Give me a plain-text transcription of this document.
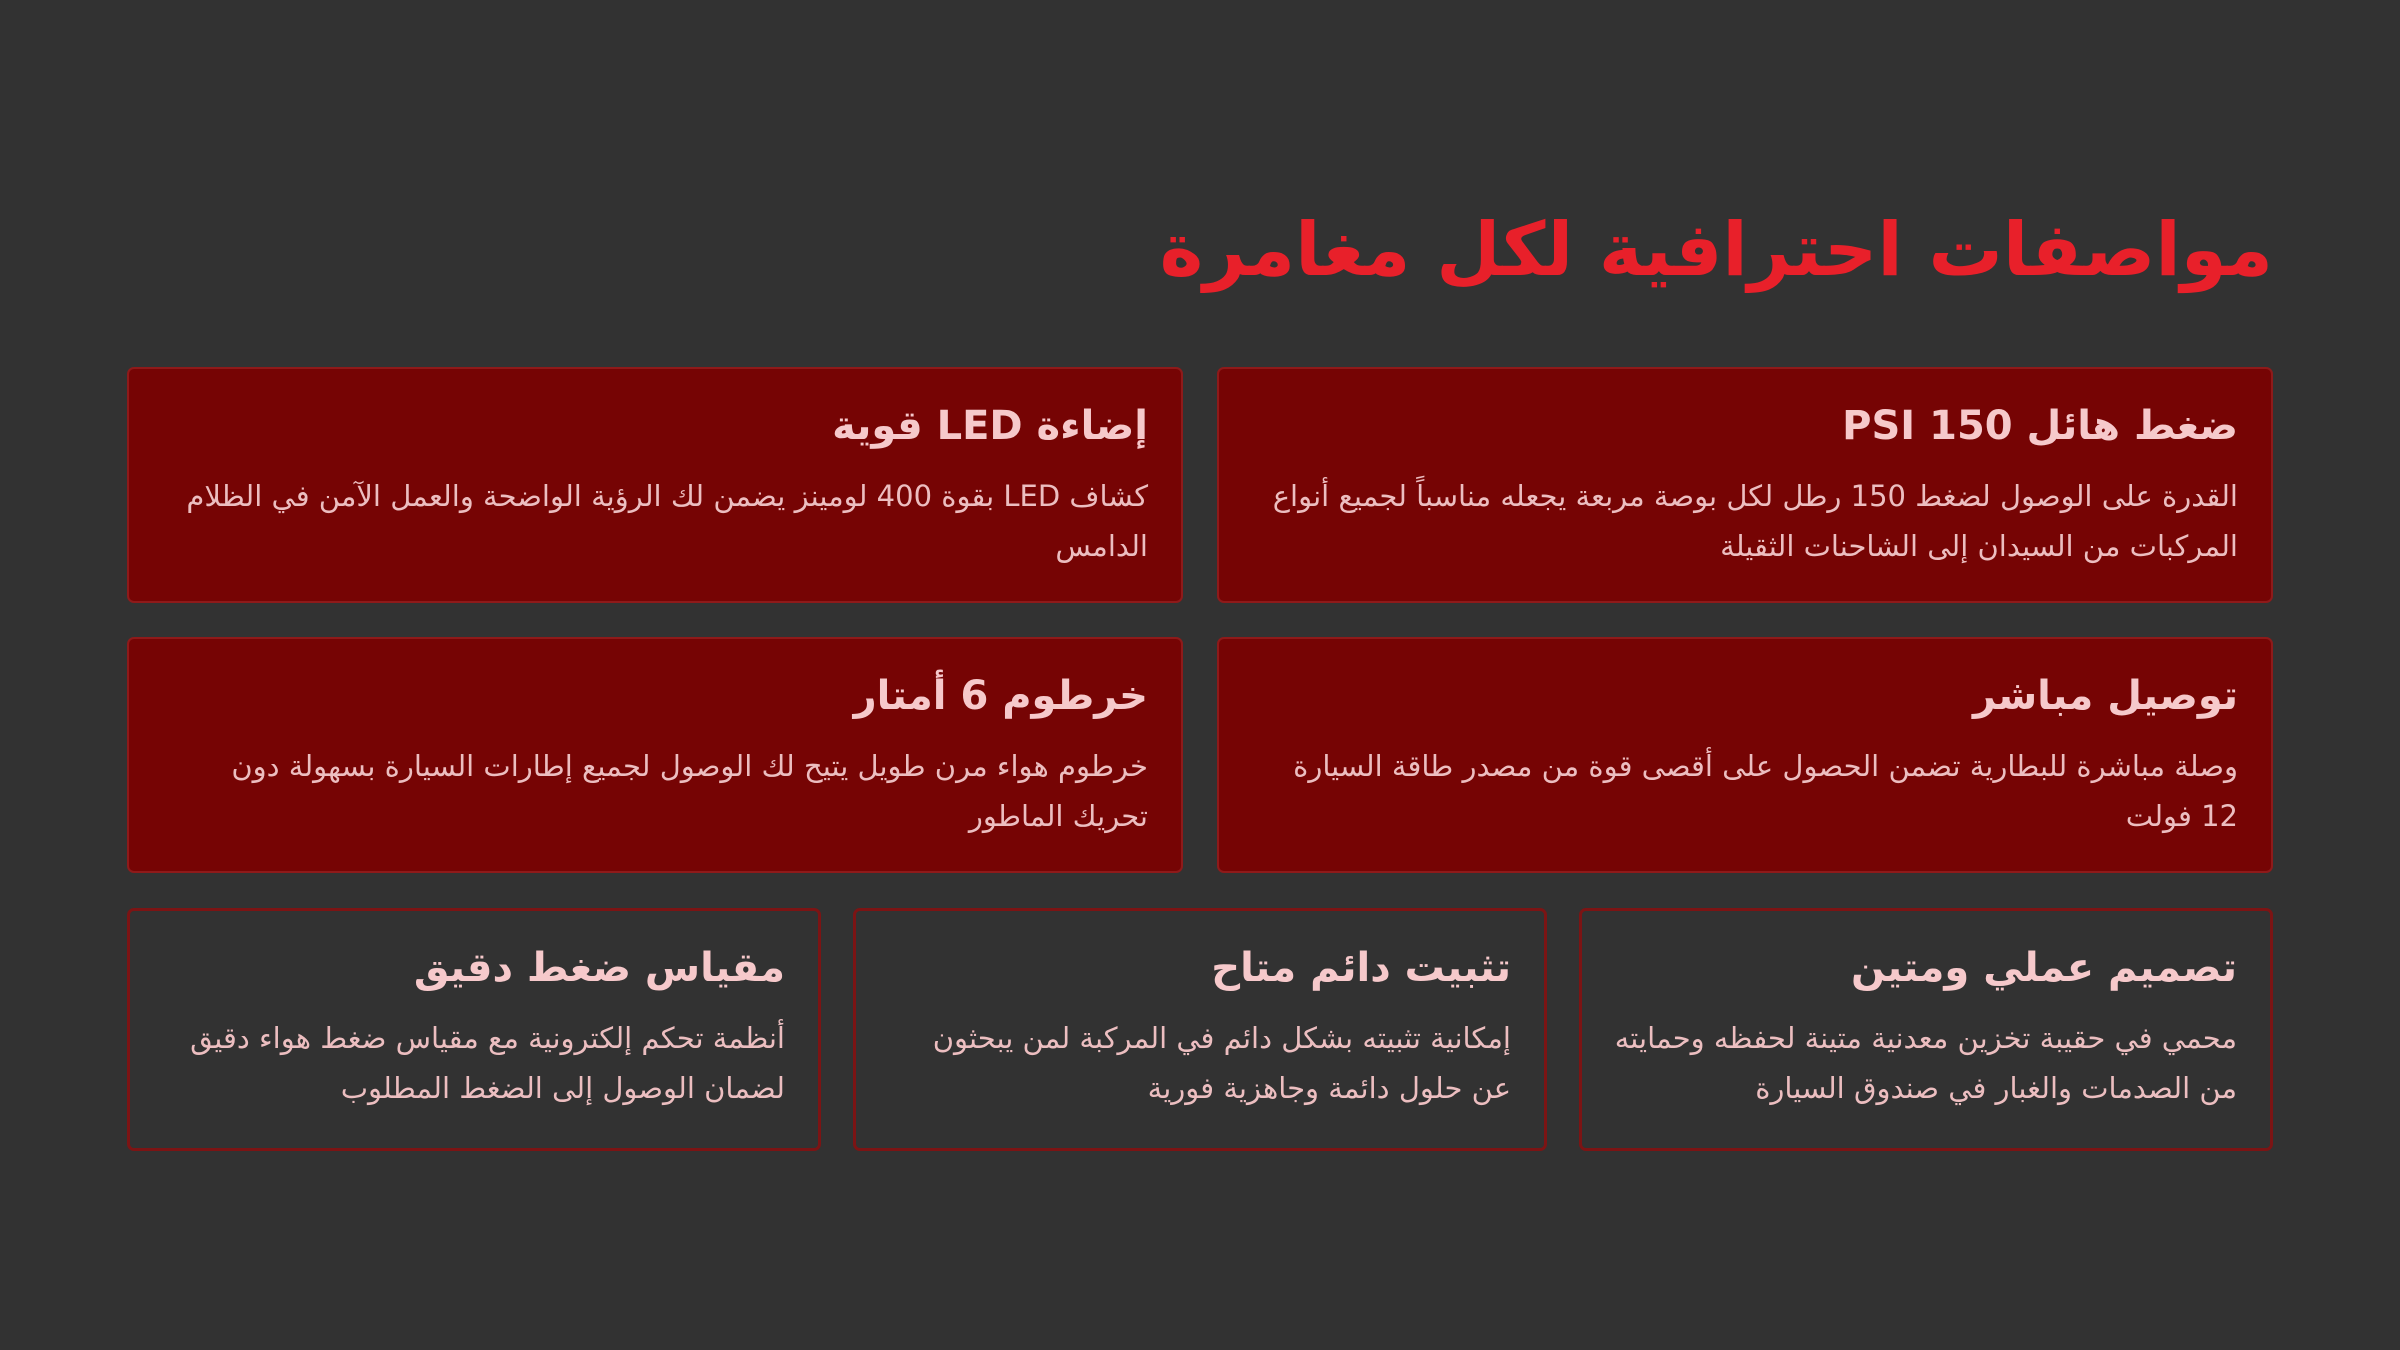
مواصفات احترافية لكل مغامرة
ضغط هائل 150 PSI

القدرة على الوصول لضغط 150 رطل لكل بوصة مربعة يجعله مناسباً لجميع أنواع المركبات من السيدان إلى الشاحنات الثقيلة

إضاءة LED قوية

كشاف LED بقوة 400 لومينز يضمن لك الرؤية الواضحة والعمل الآمن في الظلام الدامس

توصيل مباشر

وصلة مباشرة للبطارية تضمن الحصول على أقصى قوة من مصدر طاقة السيارة 12 فولت

خرطوم 6 أمتار

خرطوم هواء مرن طويل يتيح لك الوصول لجميع إطارات السيارة بسهولة دون تحريك الماطور

تصميم عملي ومتين

محمي في حقيبة تخزين معدنية متينة لحفظه وحمايته من الصدمات والغبار في صندوق السيارة

تثبيت دائم متاح

إمكانية تثبيته بشكل دائم في المركبة لمن يبحثون عن حلول دائمة وجاهزية فورية

مقياس ضغط دقيق

أنظمة تحكم إلكترونية مع مقياس ضغط هواء دقيق لضمان الوصول إلى الضغط المطلوب
